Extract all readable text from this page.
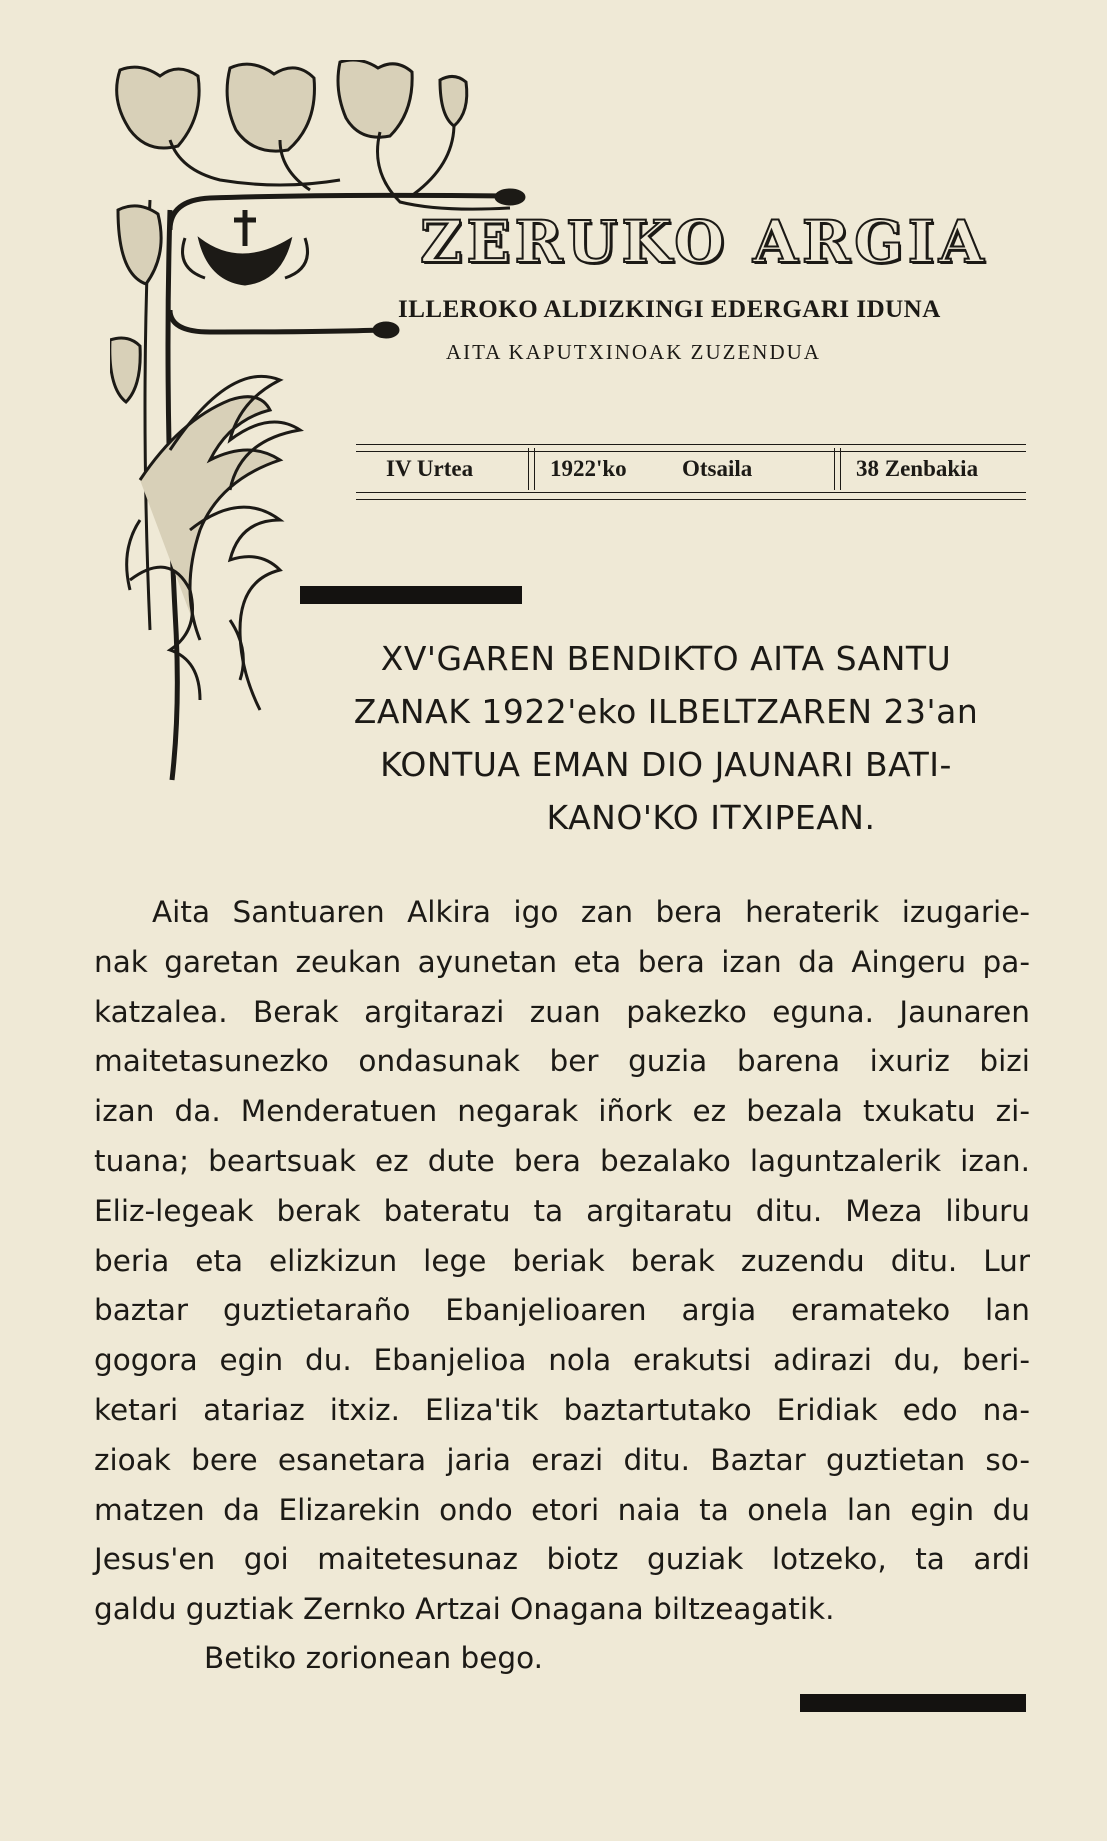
ZERUKO ARGIA
ILLEROKO ALDIZKINGI EDERGARI IDUNA
AITA KAPUTXINOAK ZUZENDUA
IV Urtea	1922'ko Otsaila	38 Zenbakia
XV'GAREN BENDIKTO AITA SANTU
ZANAK 1922'eko ILBELTZAREN 23'an
KONTUA EMAN DIO JAUNARI BATI-
KANO'KO ITXIPEAN.
Aita Santuaren Alkira igo zan bera heraterik izugarie-
nak garetan zeukan ayunetan eta bera izan da Aingeru pa-
katzalea. Berak argitarazi zuan pakezko eguna. Jaunaren
maitetasunezko ondasunak ber guzia barena ixuriz bizi
izan da. Menderatuen negarak iñork ez bezala txukatu zi-
tuana; beartsuak ez dute bera bezalako laguntzalerik izan.
Eliz-legeak berak bateratu ta argitaratu ditu. Meza liburu
beria eta elizkizun lege beriak berak zuzendu ditu. Lur
baztar guztietaraño Ebanjelioaren argia eramateko lan
gogora egin du. Ebanjelioa nola erakutsi adirazi du, beri-
ketari atariaz itxiz. Eliza'tik baztartutako Eridiak edo na-
zioak bere esanetara jaria erazi ditu. Baztar guztietan so-
matzen da Elizarekin ondo etori naia ta onela lan egin du
Jesus'en goi maitetesunaz biotz guziak lotzeko, ta ardi
galdu guztiak Zernko Artzai Onagana biltzeagatik.
Betiko zorionean bego.
